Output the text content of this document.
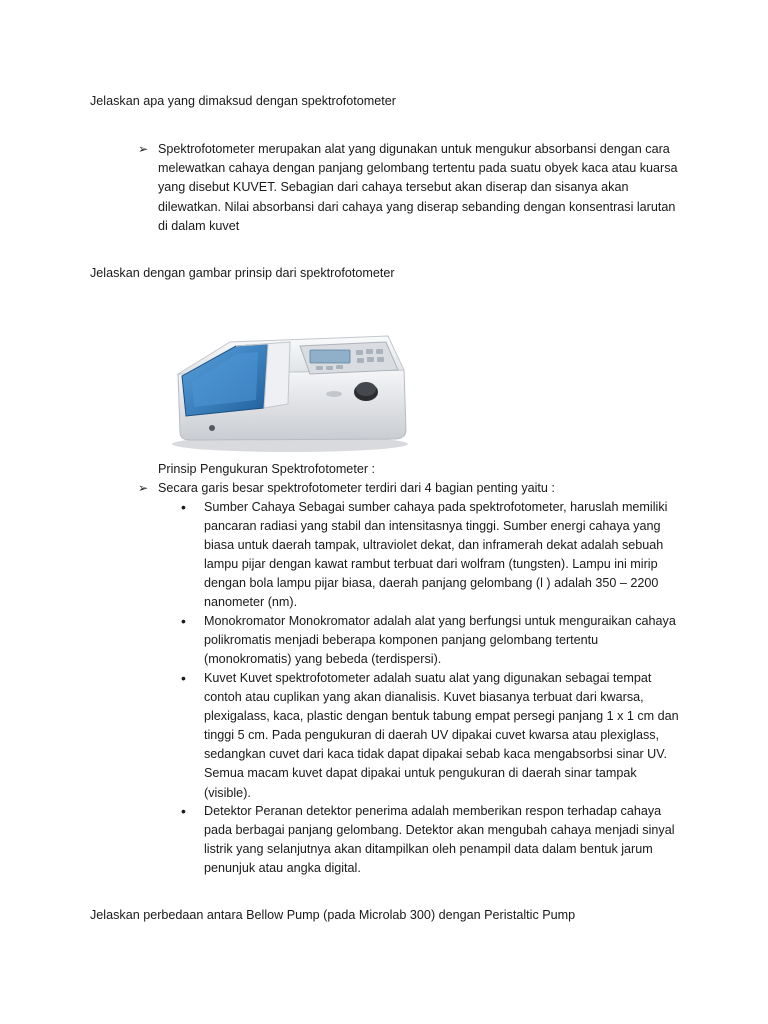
Jelaskan apa yang dimaksud dengan spektrofotometer
➢ Spektrofotometer merupakan alat yang digunakan untuk mengukur absorbansi dengan cara melewatkan cahaya dengan panjang gelombang tertentu pada suatu obyek kaca atau kuarsa yang disebut KUVET. Sebagian dari cahaya tersebut akan diserap dan sisanya akan dilewatkan. Nilai absorbansi dari cahaya yang diserap sebanding dengan konsentrasi larutan di dalam kuvet
Jelaskan dengan gambar prinsip dari spektrofotometer
Prinsip Pengukuran Spektrofotometer :
➢ Secara garis besar spektrofotometer terdiri dari 4 bagian penting yaitu :
• Sumber Cahaya Sebagai sumber cahaya pada spektrofotometer, haruslah memiliki pancaran radiasi yang stabil dan intensitasnya tinggi. Sumber energi cahaya yang biasa untuk daerah tampak, ultraviolet dekat, dan inframerah dekat adalah sebuah lampu pijar dengan kawat rambut terbuat dari wolfram (tungsten). Lampu ini mirip dengan bola lampu pijar biasa, daerah panjang gelombang (l ) adalah 350 – 2200 nanometer (nm).
• Monokromator Monokromator adalah alat yang berfungsi untuk menguraikan cahaya polikromatis menjadi beberapa komponen panjang gelombang tertentu (monokromatis) yang bebeda (terdispersi).
• Kuvet Kuvet spektrofotometer adalah suatu alat yang digunakan sebagai tempat contoh atau cuplikan yang akan dianalisis. Kuvet biasanya terbuat dari kwarsa, plexigalass, kaca, plastic dengan bentuk tabung empat persegi panjang 1 x 1 cm dan tinggi 5 cm. Pada pengukuran di daerah UV dipakai cuvet kwarsa atau plexiglass, sedangkan cuvet dari kaca tidak dapat dipakai sebab kaca mengabsorbsi sinar UV. Semua macam kuvet dapat dipakai untuk pengukuran di daerah sinar tampak (visible).
• Detektor Peranan detektor penerima adalah memberikan respon terhadap cahaya pada berbagai panjang gelombang. Detektor akan mengubah cahaya menjadi sinyal listrik yang selanjutnya akan ditampilkan oleh penampil data dalam bentuk jarum penunjuk atau angka digital.
Jelaskan perbedaan antara Bellow Pump (pada Microlab 300) dengan Peristaltic Pump
